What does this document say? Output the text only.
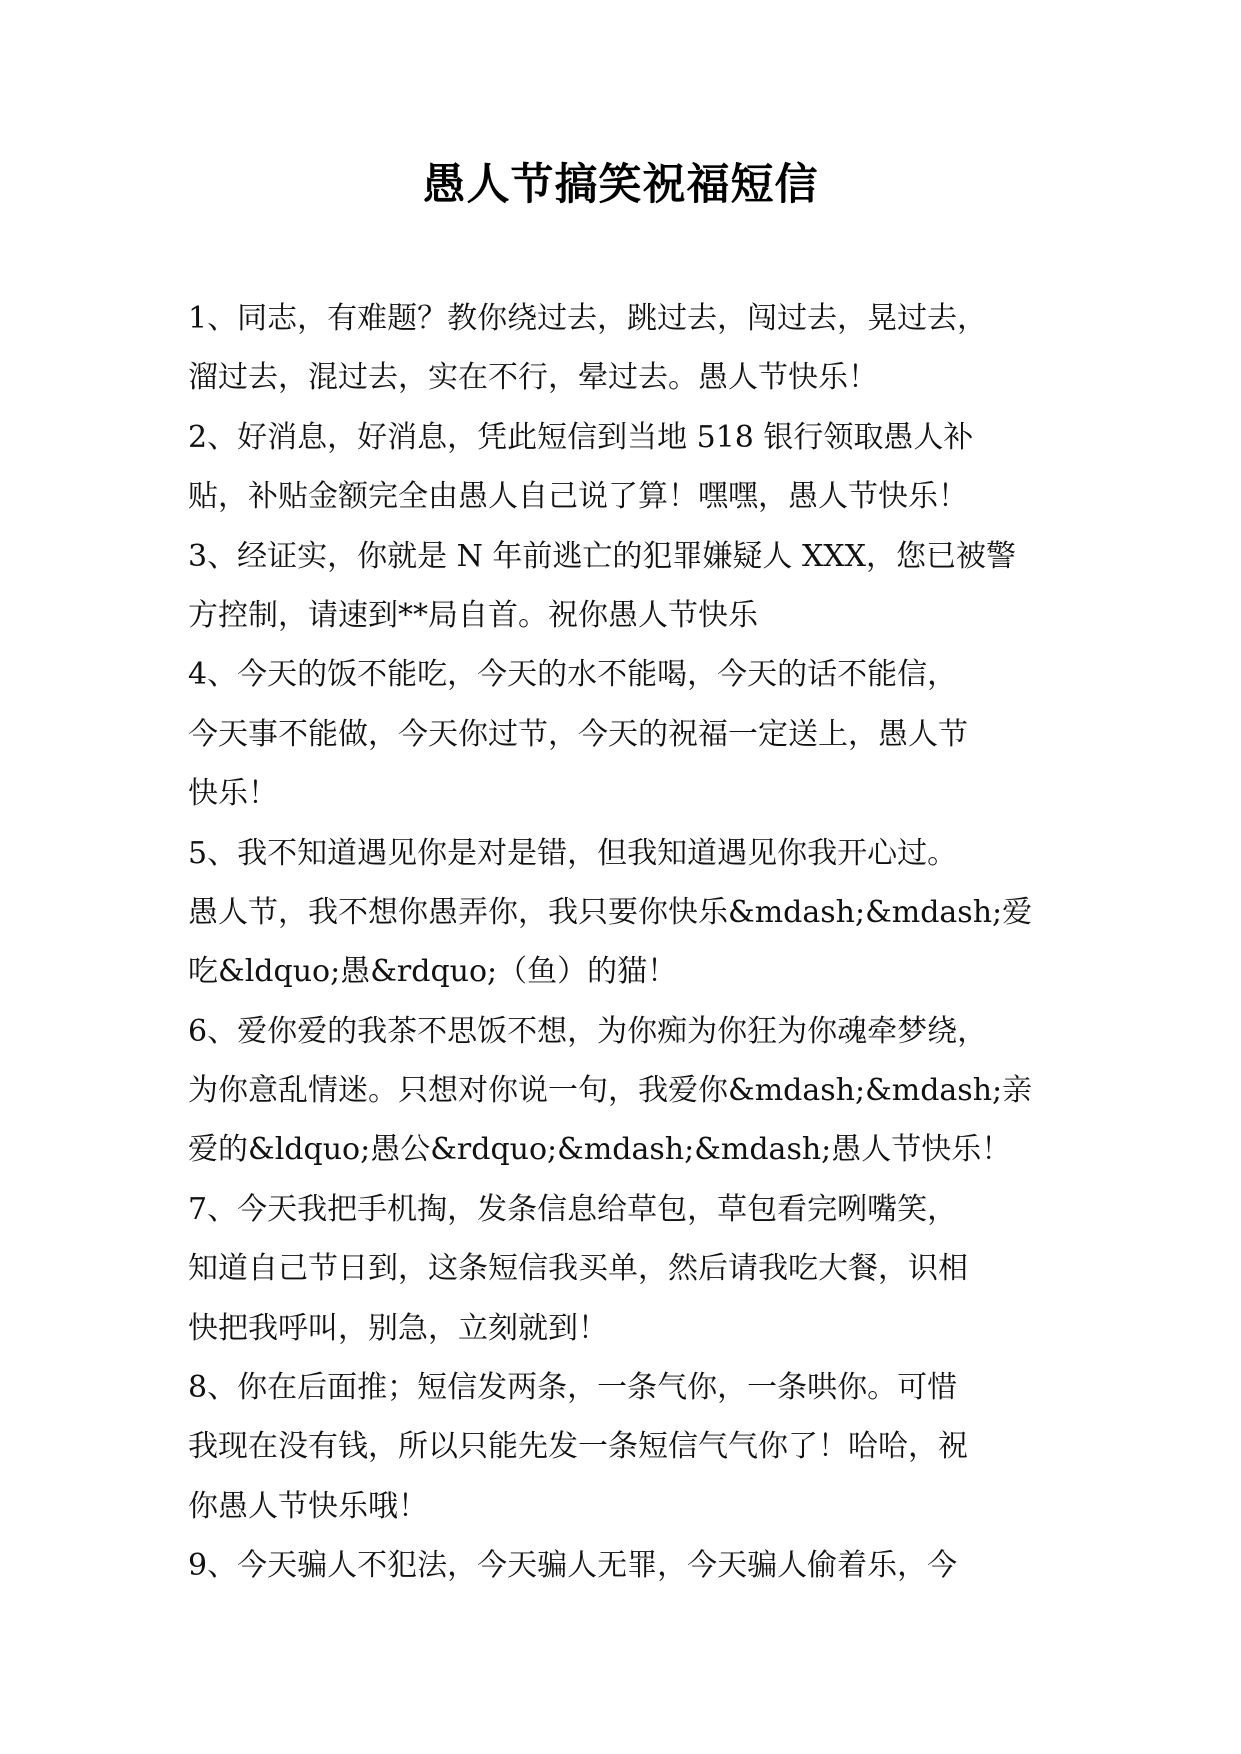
愚人节搞笑祝福短信
1、同志，有难题？教你绕过去，跳过去，闯过去，晃过去，
溜过去，混过去，实在不行，晕过去。愚人节快乐！
2、好消息，好消息，凭此短信到当地 518 银行领取愚人补
贴，补贴金额完全由愚人自己说了算！嘿嘿，愚人节快乐！
3、经证实，你就是 N 年前逃亡的犯罪嫌疑人 XXX，您已被警
方控制，请速到**局自首。祝你愚人节快乐
4、今天的饭不能吃，今天的水不能喝，今天的话不能信，
今天事不能做，今天你过节，今天的祝福一定送上，愚人节
快乐！
5、我不知道遇见你是对是错，但我知道遇见你我开心过。
愚人节，我不想你愚弄你，我只要你快乐&mdash;&mdash;爱
吃&ldquo;愚&rdquo;（鱼）的猫！
6、爱你爱的我茶不思饭不想，为你痴为你狂为你魂牵梦绕，
为你意乱情迷。只想对你说一句，我爱你&mdash;&mdash;亲
爱的&ldquo;愚公&rdquo;&mdash;&mdash;愚人节快乐！
7、今天我把手机掏，发条信息给草包，草包看完咧嘴笑，
知道自己节日到，这条短信我买单，然后请我吃大餐，识相
快把我呼叫，别急，立刻就到！
8、你在后面推；短信发两条，一条气你，一条哄你。可惜
我现在没有钱，所以只能先发一条短信气气你了！哈哈，祝
你愚人节快乐哦！
9、今天骗人不犯法，今天骗人无罪，今天骗人偷着乐，今
